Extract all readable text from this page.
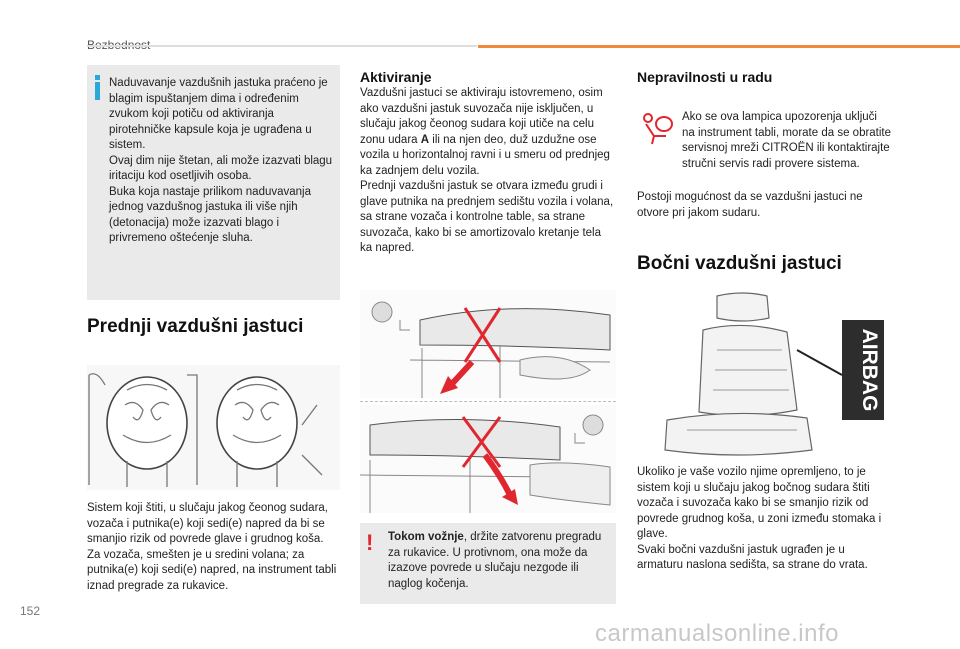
Naduvavanje vazdušnih jastuka praćeno je blagim ispuštanjem dima i određenim zvukom koji potiču od aktiviranja pirotehničke kapsule koja je ugrađena u sistem.
Ovaj dim nije štetan, ali može izazvati blagu iritaciju kod osetljivih osoba.
Buka koja nastaje prilikom naduvavanja jednog vazdušnog jastuka ili više njih (detonacija) može izazvati blago i privremeno oštećenje sluha.
Prednji vazdušni jastuci
Sistem koji štiti, u slučaju jakog čeonog sudara, vozača i putnika(e) koji sedi(e) napred da bi se smanjio rizik od povrede glave i grudnog koša.
Za vozača, smešten je u sredini volana; za putnika(e) koji sedi(e) napred, na instrument tabli iznad pregrade za rukavice.
Aktiviranje
Vazdušni jastuci se aktiviraju istovremeno, osim ako vazdušni jastuk suvozača nije isključen, u slučaju jakog čeonog sudara koji utiče na celu zonu udara A ili na njen deo, duž uzdužne ose vozila u horizontalnoj ravni i u smeru od prednjeg ka zadnjem delu vozila.
Prednji vazdušni jastuk se otvara između grudi i glave putnika na prednjem sedištu vozila i volana, sa strane vozača i kontrolne table, sa strane suvozača, kako bi se amortizovalo kretanje tela ka napred.
! Tokom vožnje, držite zatvorenu pregradu za rukavice. U protivnom, ona može da izazove povrede u slučaju nezgode ili naglog kočenja.
Nepravilnosti u radu
Ako se ova lampica upozorenja uključi na instrument tabli, morate da se obratite servisnoj mreži CITROËN ili kontaktirajte stručni servis radi provere sistema.
Postoji mogućnost da se vazdušni jastuci ne otvore pri jakom sudaru.
Bočni vazdušni jastuci
AIRBAG
Ukoliko je vaše vozilo njime opremljeno, to je sistem koji u slučaju jakog bočnog sudara štiti vozača i suvozača kako bi se smanjio rizik od povrede grudnog koša, u zoni između stomaka i glave.
Svaki bočni vazdušni jastuk ugrađen je u armaturu naslona sedišta, sa strane do vrata.
152
carmanualsonline.info
